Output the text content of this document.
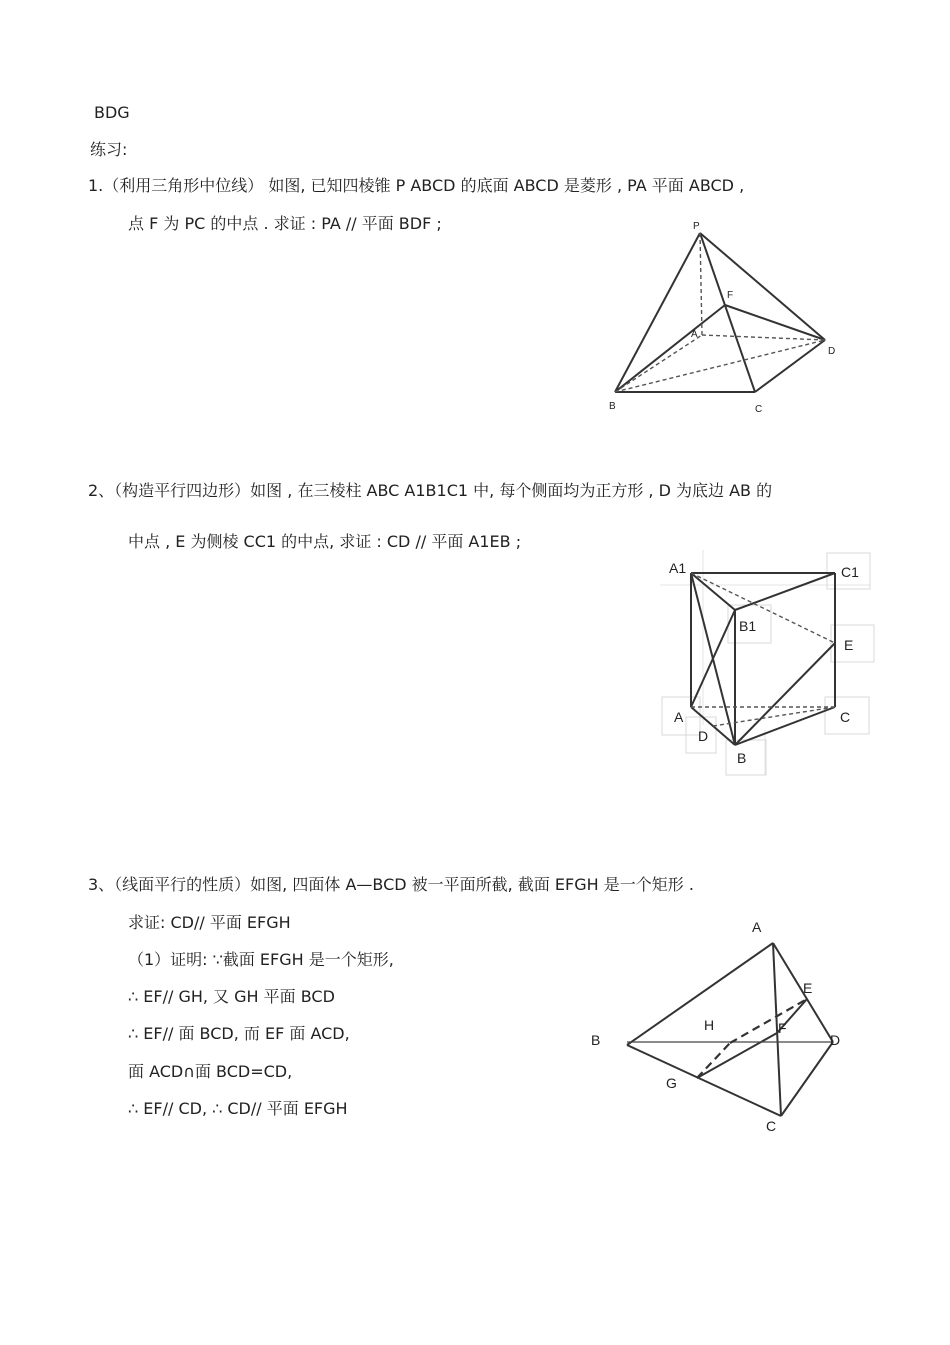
BDG
练习:
1.（利用三角形中位线） 如图, 已知四棱锥 P ABCD 的底面 ABCD 是菱形 , PA 平面 ABCD ,
点 F 为 PC 的中点 . 求证 : PA // 平面 BDF ;
2、（构造平行四边形）如图 , 在三棱柱 ABC A1B1C1 中, 每个侧面均为正方形 , D 为底边 AB 的
中点 , E 为侧棱 CC1 的中点, 求证 : CD // 平面 A1EB ;
3、（线面平行的性质）如图, 四面体 A—BCD 被一平面所截, 截面 EFGH 是一个矩形 .
求证: CD// 平面 EFGH
（1）证明: ∵截面 EFGH 是一个矩形,
∴ EF// GH, 又 GH 平面 BCD
∴ EF// 面 BCD, 而 EF 面 ACD,
面 ACD∩面 BCD=CD,
∴ EF// CD, ∴ CD// 平面 EFGH
P
F
A
D
B	C
A1	C1
B1
E
A	C
D
B
A
E
H	F
B	D
G
C
